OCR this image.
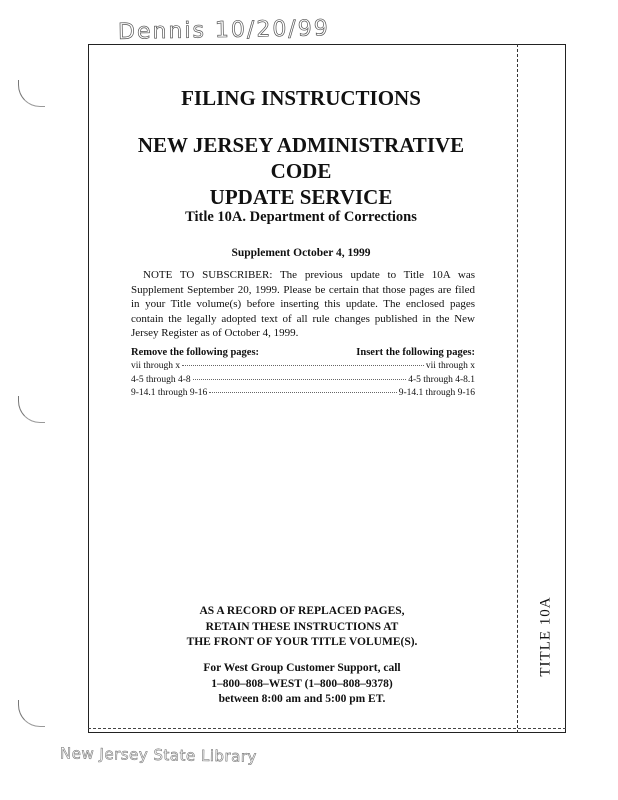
Dennis 10/20/99
FILING INSTRUCTIONS
NEW JERSEY ADMINISTRATIVE CODE
UPDATE SERVICE
Title 10A. Department of Corrections
Supplement October 4, 1999

NOTE TO SUBSCRIBER: The previous update to Title 10A was Supplement September 20, 1999. Please be certain that those pages are filed in your Title volume(s) before inserting this update. The enclosed pages contain the legally adopted text of all rule changes published in the New Jersey Register as of October 4, 1999.

Remove the following pages:	Insert the following pages:
vii through x	vii through x
4-5 through 4-8	4-5 through 4-8.1
9-14.1 through 9-16	9-14.1 through 9-16
AS A RECORD OF REPLACED PAGES,
RETAIN THESE INSTRUCTIONS AT
THE FRONT OF YOUR TITLE VOLUME(S).
For West Group Customer Support, call
1–800–808–WEST (1–800–808–9378)
between 8:00 am and 5:00 pm ET.
TITLE 10A
New Jersey State Library
